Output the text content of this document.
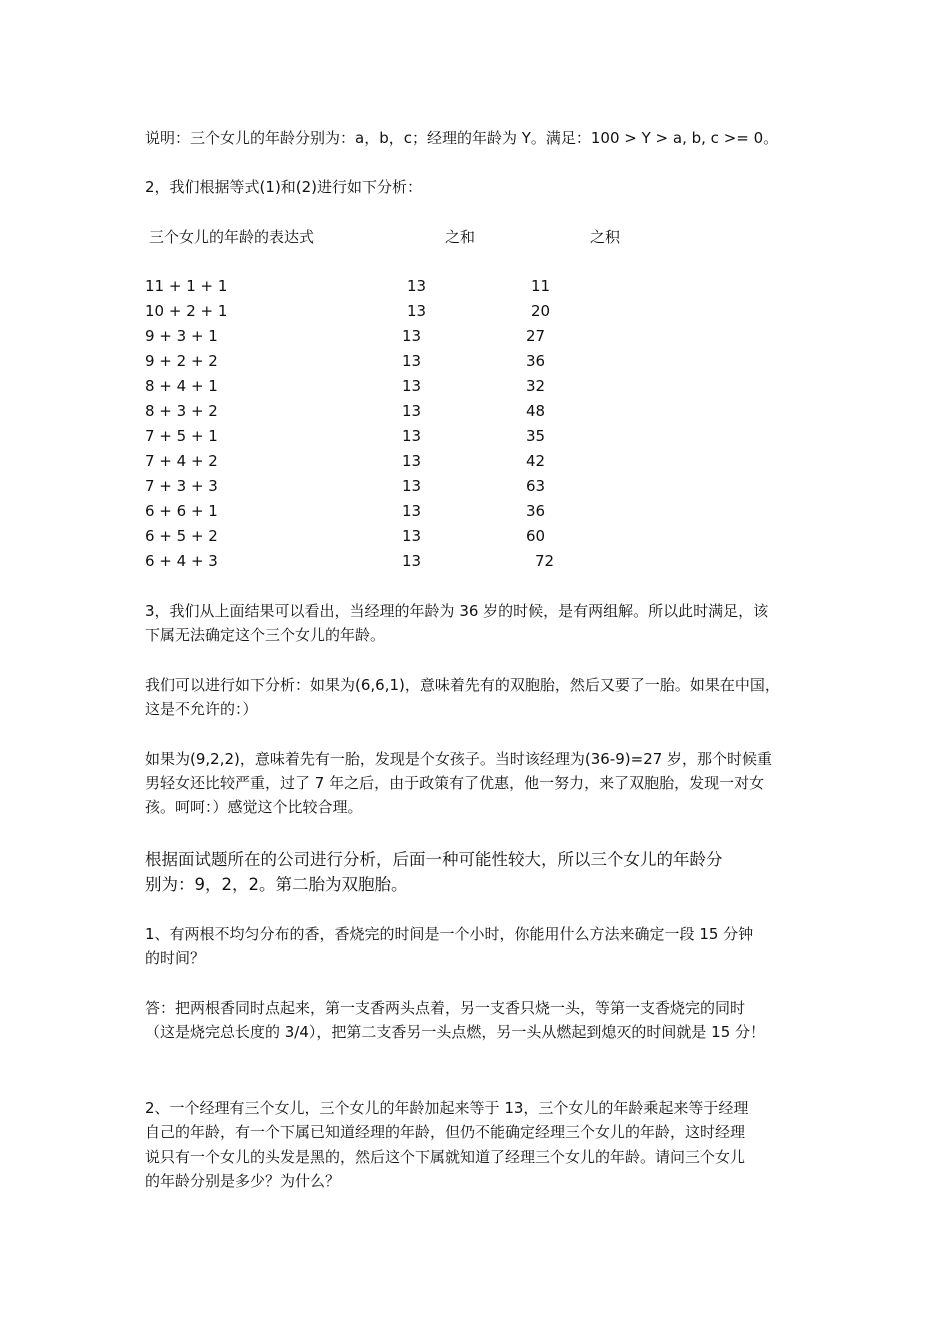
说明：三个女儿的年龄分别为：a，b，c；经理的年龄为 Y。满足：100 > Y > a, b, c >= 0。
2，我们根据等式(1)和(2)进行如下分析：
三个女儿的年龄的表达式	之和	之积
11 + 1 + 1	13	11
10 + 2 + 1	13	20
9 + 3 + 1	13	27
9 + 2 + 2	13	36
8 + 4 + 1	13	32
8 + 3 + 2	13	48
7 + 5 + 1	13	35
7 + 4 + 2	13	42
7 + 3 + 3	13	63
6 + 6 + 1	13	36
6 + 5 + 2	13	60
6 + 4 + 3	13	72
3，我们从上面结果可以看出，当经理的年龄为 36 岁的时候，是有两组解。所以此时满足，该
下属无法确定这个三个女儿的年龄。
我们可以进行如下分析：如果为(6,6,1)，意味着先有的双胞胎，然后又要了一胎。如果在中国，
这是不允许的：）
如果为(9,2,2)，意味着先有一胎，发现是个女孩子。当时该经理为(36-9)=27 岁，那个时候重
男轻女还比较严重，过了 7 年之后，由于政策有了优惠，他一努力，来了双胞胎，发现一对女
孩。呵呵：）感觉这个比较合理。
根据面试题所在的公司进行分析，后面一种可能性较大，所以三个女儿的年龄分
别为：9，2，2。第二胎为双胞胎。
1、有两根不均匀分布的香，香烧完的时间是一个小时，你能用什么方法来确定一段 15 分钟
的时间？
答：把两根香同时点起来，第一支香两头点着，另一支香只烧一头，等第一支香烧完的同时
（这是烧完总长度的 3/4），把第二支香另一头点燃，另一头从燃起到熄灭的时间就是 15 分！
2、一个经理有三个女儿，三个女儿的年龄加起来等于 13，三个女儿的年龄乘起来等于经理
自己的年龄，有一个下属已知道经理的年龄，但仍不能确定经理三个女儿的年龄，这时经理
说只有一个女儿的头发是黑的，然后这个下属就知道了经理三个女儿的年龄。请问三个女儿
的年龄分别是多少？为什么？
